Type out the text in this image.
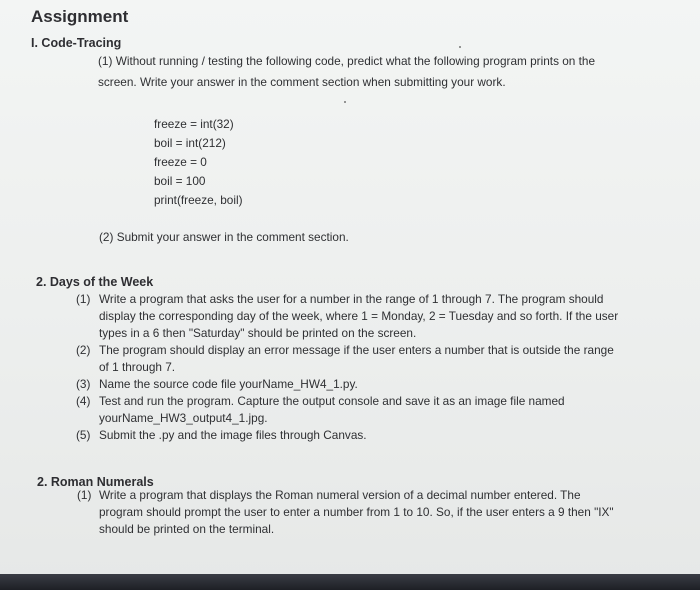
Assignment
I. Code-Tracing
(1) Without running / testing the following code, predict what the following program prints on the
screen. Write your answer in the comment section when submitting your work.
freeze = int(32)
boil = int(212)
freeze = 0
boil = 100
print(freeze, boil)
(2) Submit your answer in the comment section.
2. Days of the Week
(1) Write a program that asks the user for a number in the range of 1 through 7. The program should
display the corresponding day of the week, where 1 = Monday, 2 = Tuesday and so forth. If the user
types in a 6 then "Saturday" should be printed on the screen.
(2) The program should display an error message if the user enters a number that is outside the range
of 1 through 7.
(3) Name the source code file yourName_HW4_1.py.
(4) Test and run the program. Capture the output console and save it as an image file named
yourName_HW3_output4_1.jpg.
(5) Submit the .py and the image files through Canvas.
2. Roman Numerals
(1) Write a program that displays the Roman numeral version of a decimal number entered. The
program should prompt the user to enter a number from 1 to 10. So, if the user enters a 9 then "IX"
should be printed on the terminal.
